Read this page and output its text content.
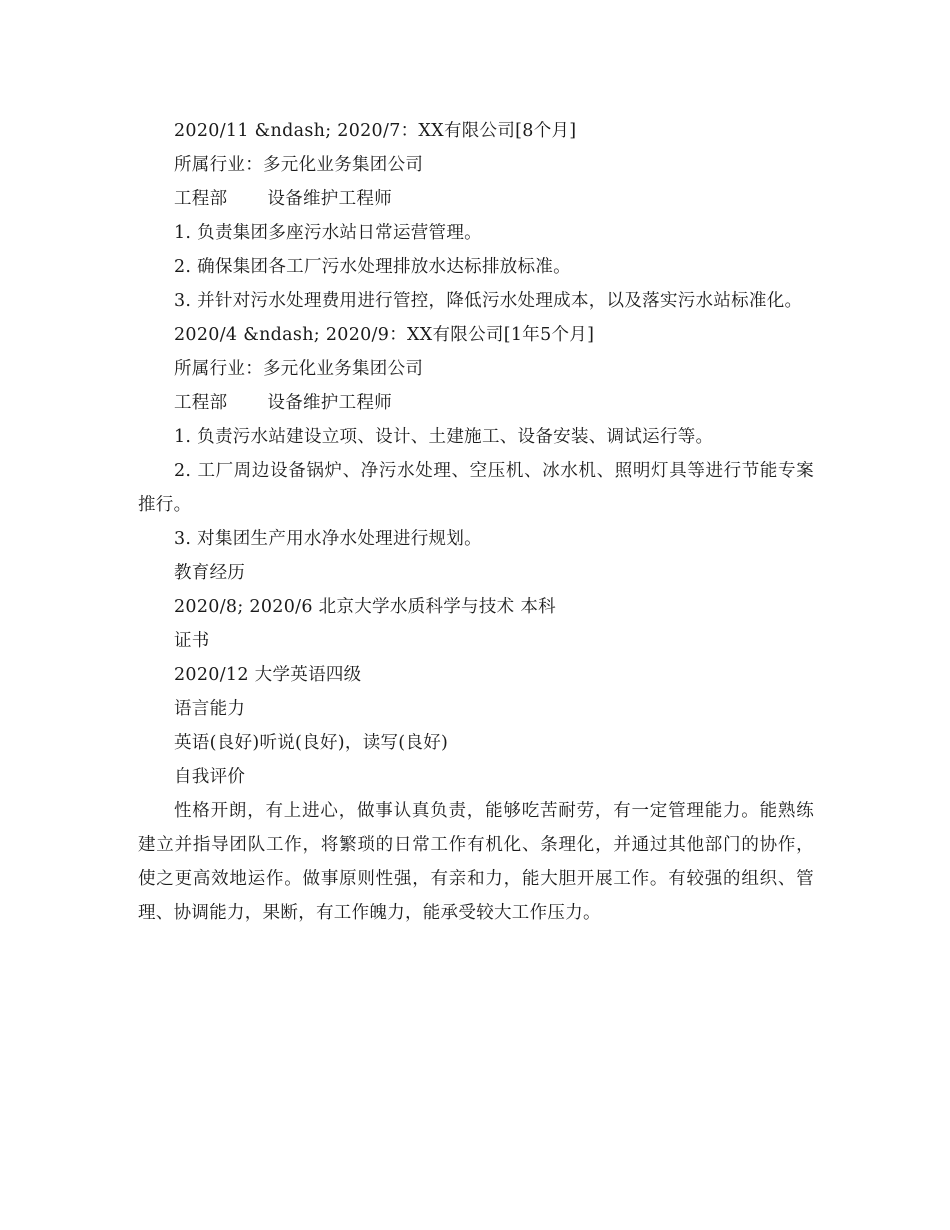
2020/11 &ndash; 2020/7：XX有限公司[8个月]

所属行业：多元化业务集团公司

工程部 设备维护工程师

1. 负责集团多座污水站日常运营管理。

2. 确保集团各工厂污水处理排放水达标排放标准。

3. 并针对污水处理费用进行管控，降低污水处理成本，以及落实污水站标准化。

2020/4 &ndash; 2020/9：XX有限公司[1年5个月]

所属行业：多元化业务集团公司

工程部 设备维护工程师

1. 负责污水站建设立项、设计、土建施工、设备安装、调试运行等。

2. 工厂周边设备锅炉、净污水处理、空压机、冰水机、照明灯具等进行节能专案推行。

3. 对集团生产用水净水处理进行规划。

教育经历

2020/8; 2020/6 北京大学水质科学与技术 本科

证书

2020/12 大学英语四级

语言能力

英语(良好)听说(良好)，读写(良好)

自我评价

性格开朗，有上进心，做事认真负责，能够吃苦耐劳，有一定管理能力。能熟练建立并指导团队工作，将繁琐的日常工作有机化、条理化，并通过其他部门的协作，使之更高效地运作。做事原则性强，有亲和力，能大胆开展工作。有较强的组织、管理、协调能力，果断，有工作魄力，能承受较大工作压力。
